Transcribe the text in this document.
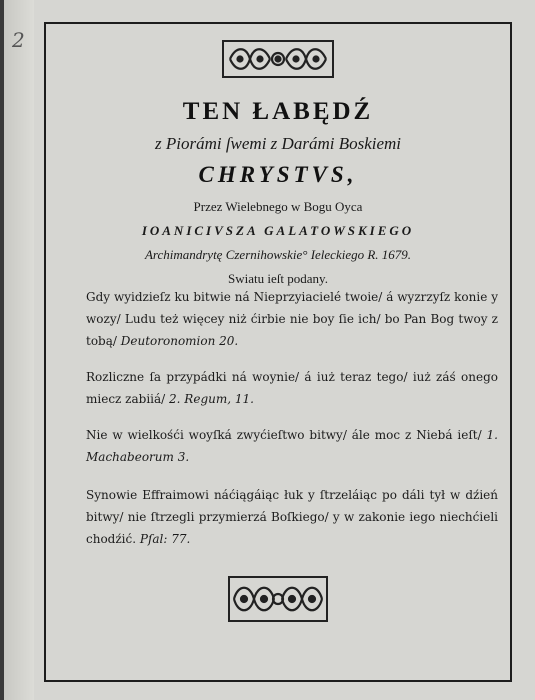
2
TEN ŁABĘDŹ
z Piorámi ſwemi z Darámi Boskiemi
CHRYSTVS,
Przez Wielebnego w Bogu Oyca
IOANICIVSZA GALATOWSKIEGO
Archimandrytę Czernihowskie° Ieleckiego R. 1679.
Swiatu ieſt podany.
Gdy wyidzieſz ku bitwie ná Nieprzyiacielé twoie/ á wyzrzyſz konie y wozy/ Ludu też więcey niż ćirbie nie boy ſie ich/ bo Pan Bog twoy z tobą/ Deutoronomion 20.
Rozliczne ſa przypádki ná woynie/ á iuż teraz tego/ iuż záś onego miecz zabiiá/ 2. Regum, 11.
Nie w wielkośći woyſká zwyćieſtwo bitwy/ ále moc z Niebá ieſt/ 1. Machabeorum 3.
Synowie Effraimowi náćiągáiąc łuk y ſtrzeláiąc po dáli tył w dźień bitwy/ nie ſtrzegli przymierzá Boſkiego/ y w zakonie iego niechćieli chodźić. Pſal: 77.
